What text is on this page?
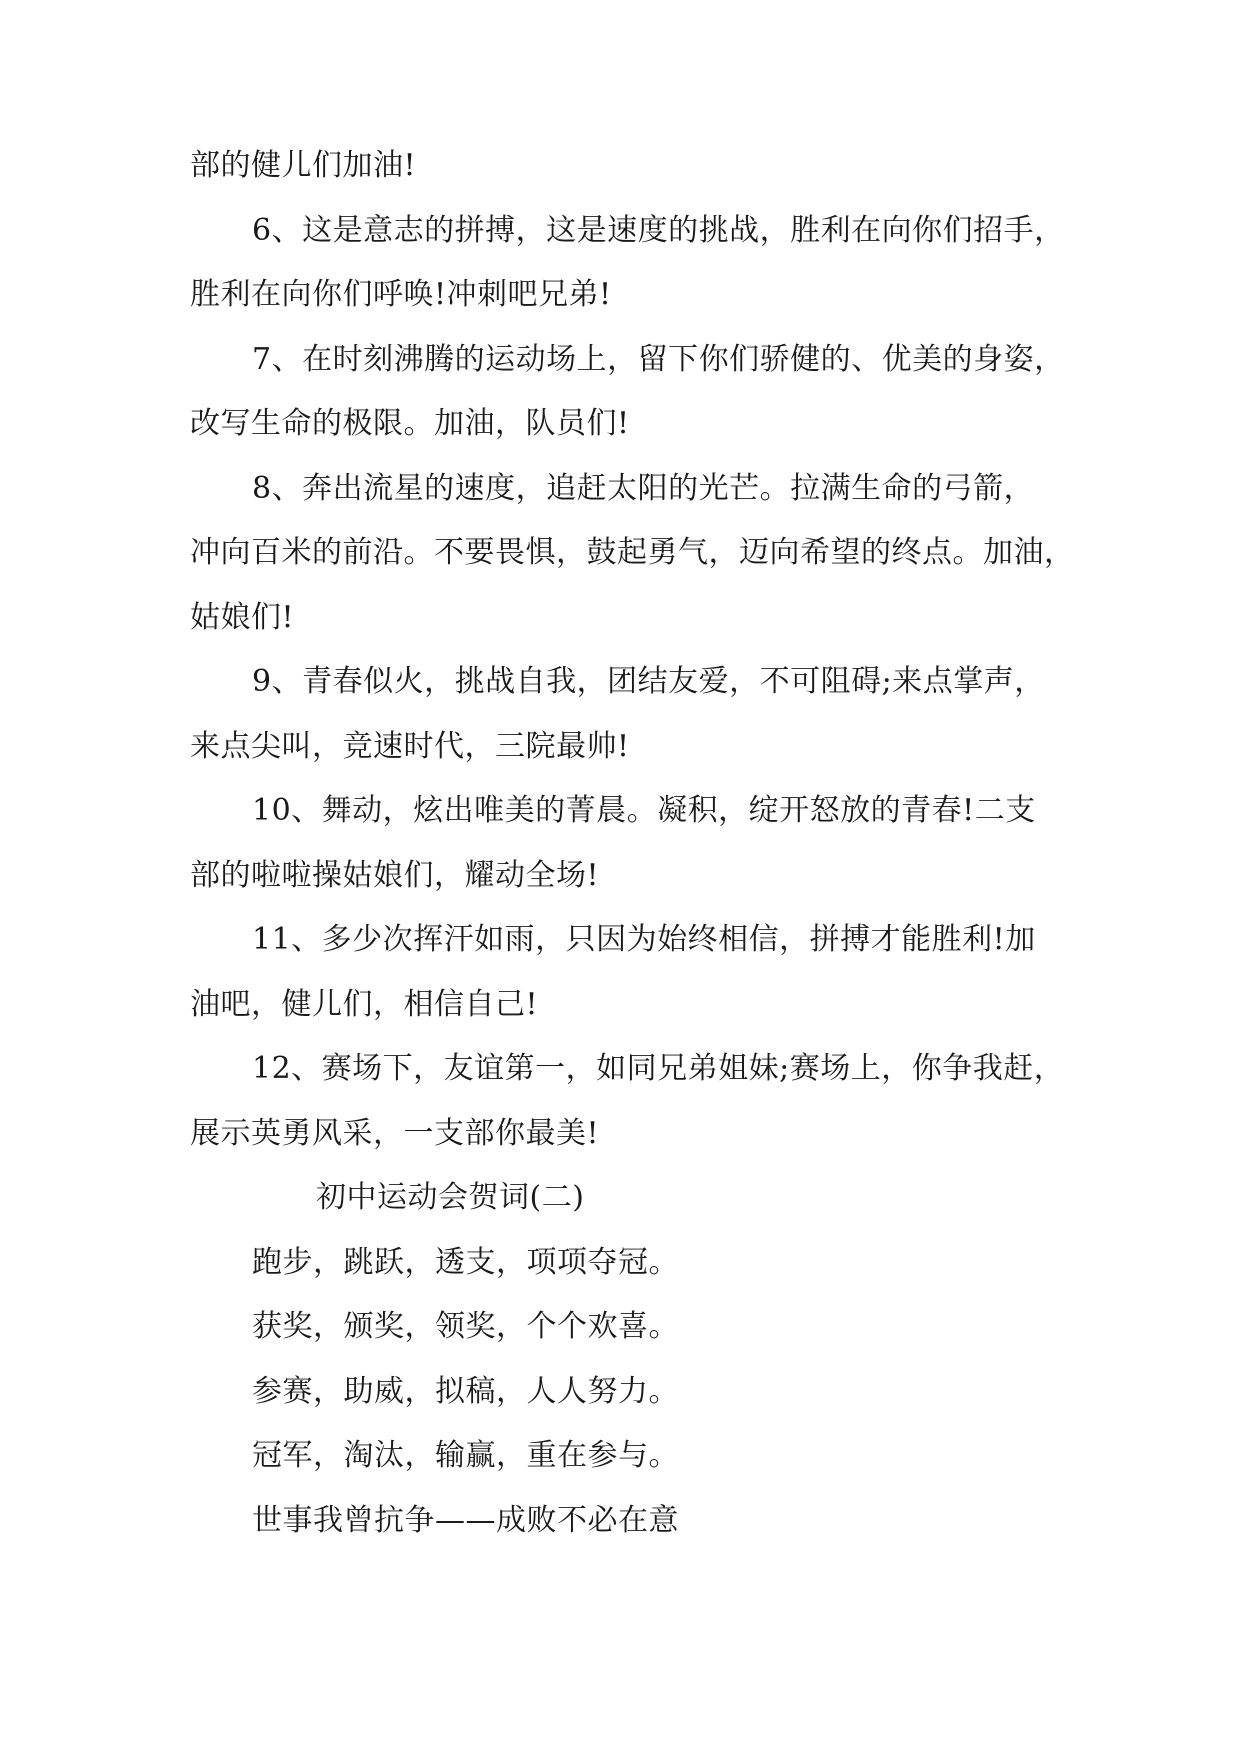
部的健儿们加油!

6、这是意志的拼搏，这是速度的挑战，胜利在向你们招手，
胜利在向你们呼唤!冲刺吧兄弟!

7、在时刻沸腾的运动场上，留下你们骄健的、优美的身姿，
改写生命的极限。加油，队员们!

8、奔出流星的速度，追赶太阳的光芒。拉满生命的弓箭，
冲向百米的前沿。不要畏惧，鼓起勇气，迈向希望的终点。加油，
姑娘们!

9、青春似火，挑战自我，团结友爱，不可阻碍;来点掌声，
来点尖叫，竞速时代，三院最帅!

10、舞动，炫出唯美的菁晨。凝积，绽开怒放的青春!二支
部的啦啦操姑娘们，耀动全场!

11、多少次挥汗如雨，只因为始终相信，拼搏才能胜利!加
油吧，健儿们，相信自己!

12、赛场下，友谊第一，如同兄弟姐妹;赛场上，你争我赶，
展示英勇风采，一支部你最美!

初中运动会贺词(二)

跑步，跳跃，透支，项项夺冠。
获奖，颁奖，领奖，个个欢喜。
参赛，助威，拟稿，人人努力。
冠军，淘汰，输赢，重在参与。
世事我曾抗争——成败不必在意
